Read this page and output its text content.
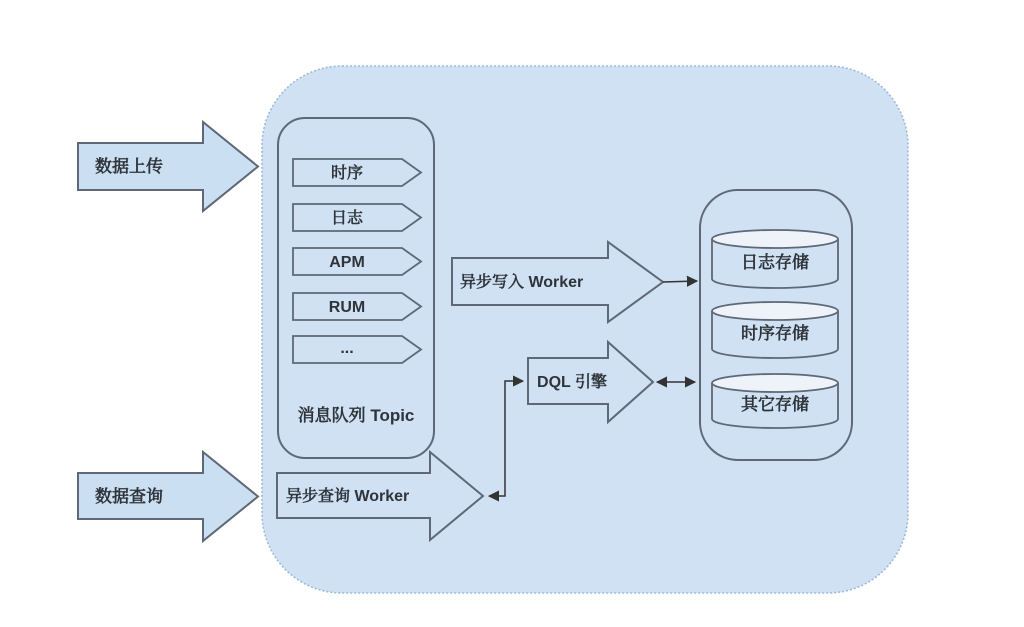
数据上传
数据查询
时序
日志
APM
RUM
...
消息队列 Topic
异步写入 Worker
DQL 引擎
异步查询 Worker
日志存储
时序存储
其它存储
